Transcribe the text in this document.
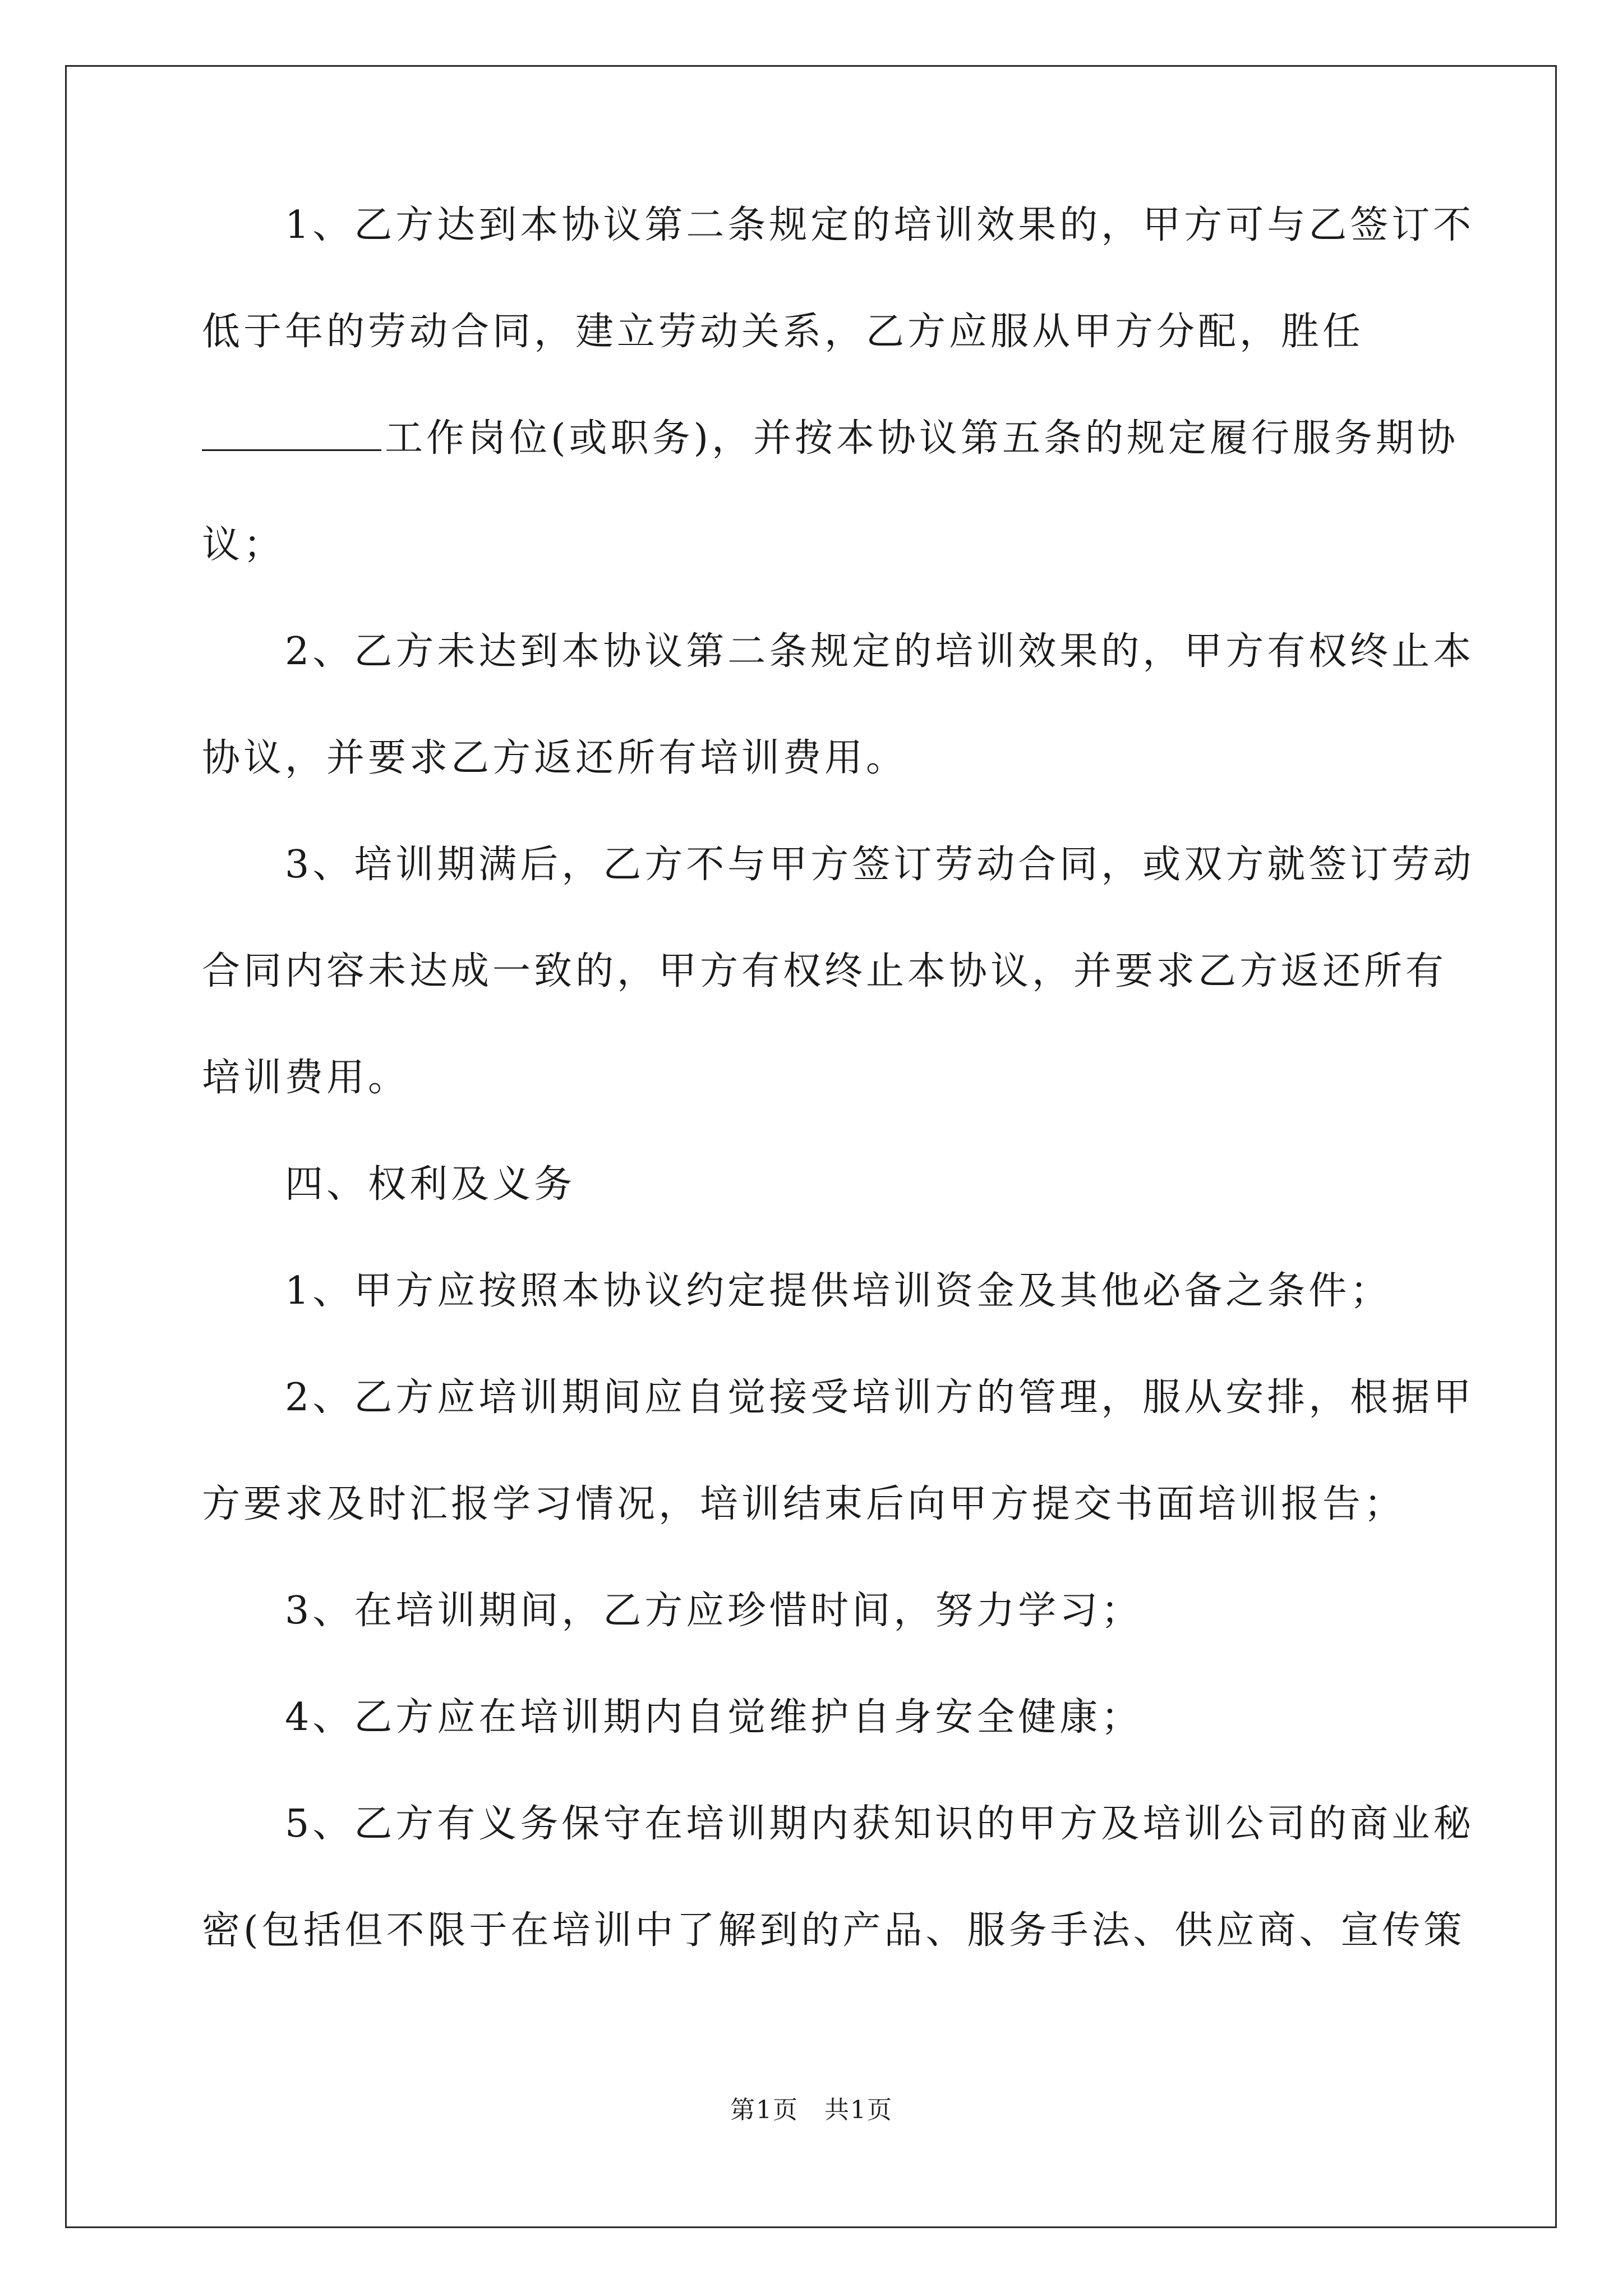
　　1、乙方达到本协议第二条规定的培训效果的，甲方可与乙签订不
低于年的劳动合同，建立劳动关系，乙方应服从甲方分配，胜任
工作岗位(或职务)，并按本协议第五条的规定履行服务期协
议；
　　2、乙方未达到本协议第二条规定的培训效果的，甲方有权终止本
协议，并要求乙方返还所有培训费用。
　　3、培训期满后，乙方不与甲方签订劳动合同，或双方就签订劳动
合同内容未达成一致的，甲方有权终止本协议，并要求乙方返还所有
培训费用。
　　四、权利及义务
　　1、甲方应按照本协议约定提供培训资金及其他必备之条件；
　　2、乙方应培训期间应自觉接受培训方的管理，服从安排，根据甲
方要求及时汇报学习情况，培训结束后向甲方提交书面培训报告；
　　3、在培训期间，乙方应珍惜时间，努力学习；
　　4、乙方应在培训期内自觉维护自身安全健康；
　　5、乙方有义务保守在培训期内获知识的甲方及培训公司的商业秘
密(包括但不限于在培训中了解到的产品、服务手法、供应商、宣传策
第1页　共1页
